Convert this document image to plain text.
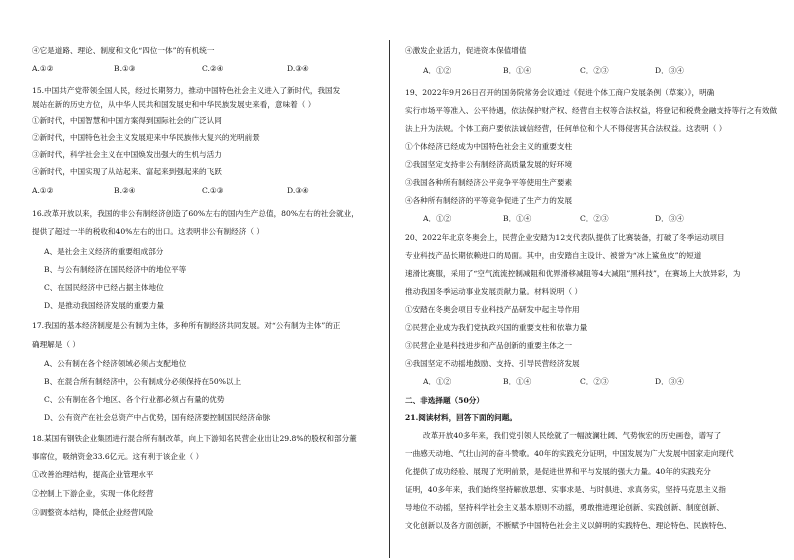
④它是道路、理论、制度和文化“四位一体”的有机统一
A.①②	B.①③	C.②④	D.③④
15.中国共产党带领全国人民，经过长期努力，推动中国特色社会主义进入了新时代，我国发
展站在新的历史方位，从中华人民共和国发展史和中华民族发展史来看，意味着（ ）
①新时代，中国智慧和中国方案得到国际社会的广泛认同
②新时代，中国特色社会主义发展迎来中华民族伟大复兴的光明前景
③新时代，科学社会主义在中国焕发出强大的生机与活力
④新时代，中国实现了从站起来、富起来到强起来的飞跃
A.①②	B.②④	C.①③	D.③④
16.改革开放以来，我国的非公有制经济创造了60%左右的国内生产总值，80%左右的社会就业，
提供了超过一半的税收和40%左右的出口。这表明非公有制经济（ ）
A、是社会主义经济的重要组成部分
B、与公有制经济在国民经济中的地位平等
C、在国民经济中已经占据主体地位
D、是推动我国经济发展的重要力量
17.我国的基本经济制度是公有制为主体，多种所有制经济共同发展。对“公有制为主体”的正
确理解是（ ）
A、公有制在各个经济领域必须占支配地位
B、在混合所有制经济中，公有制成分必须保持在50%以上
C、公有制在各个地区、各个行业都必须占有量的优势
D、公有资产在社会总资产中占优势，国有经济要控制国民经济命脉
18.某国有钢铁企业集团进行混合所有制改革，向上下游知名民营企业出让29.8%的股权和部分董
事席位，吸纳资金33.6亿元。这有利于该企业（ ）
①改善治理结构，提高企业管理水平
②控制上下游企业，实现一体化经营
③调整资本结构，降低企业经营风险
④激发企业活力，促进资本保值增值
A．①②	B．①④	C．②③	D．③④
19、2022年9月26日召开的国务院常务会议通过《促进个体工商户发展条例（草案）》，明确
实行市场平等准入、公平待遇，依法保护财产权、经营自主权等合法权益，将登记和税费金融支持等行之有效做
法上升为法规。个体工商户要依法诚信经营，任何单位和个人不得侵害其合法权益。这表明（ ）
①个体经济已经成为中国特色社会主义的重要支柱
②我国坚定支持非公有制经济高质量发展的好环境
③我国各种所有制经济公平竞争平等使用生产要素
④各种所有制经济的平等竞争促进了生产力的发展
A．①②	B．①④	C．②③	D．③④
20、2022年北京冬奥会上，民营企业安踏为12支代表队提供了比赛装备，打破了冬季运动项目
专业科技产品长期依赖进口的局面。其中，由安踏自主设计、被誉为“冰上鲨鱼皮”的短道
速滑比赛服，采用了“空气流流控制减阻和优界滑移减阻等4大减阻”黑科技”，在赛场上大放异彩，为
推动我国冬季运动事业发展贡献力量。材料说明（ ）
①安踏在冬奥会项目专业科技产品研发中起主导作用
②民营企业成为我们党执政兴国的重要支柱和依靠力量
③民营企业是科技进步和产品创新的重要主体之一
④我国坚定不动摇地鼓励、支持、引导民营经济发展
A．①②	B．①④	C．②③	D．③④
二、非选择题（50分）
21.阅读材料，回答下面的问题。
改革开放40多年来，我们党引领人民绘就了一幅波澜壮阔、气势恢宏的历史画卷，谱写了
一曲感天动地、气壮山河的奋斗赞歌。40年的实践充分证明，中国发展为广大发展中国家走向现代
化提供了成功经验、展现了光明前景，是促进世界和平与发展的强大力量。40年的实践充分
证明，40多年来，我们始终坚持解放思想、实事求是、与时俱进、求真务实，坚持马克思主义指
导地位不动摇，坚持科学社会主义基本原则不动摇，勇敢推进理论创新、实践创新、制度创新、
文化创新以及各方面创新，不断赋予中国特色社会主义以鲜明的实践特色、理论特色、民族特色、
